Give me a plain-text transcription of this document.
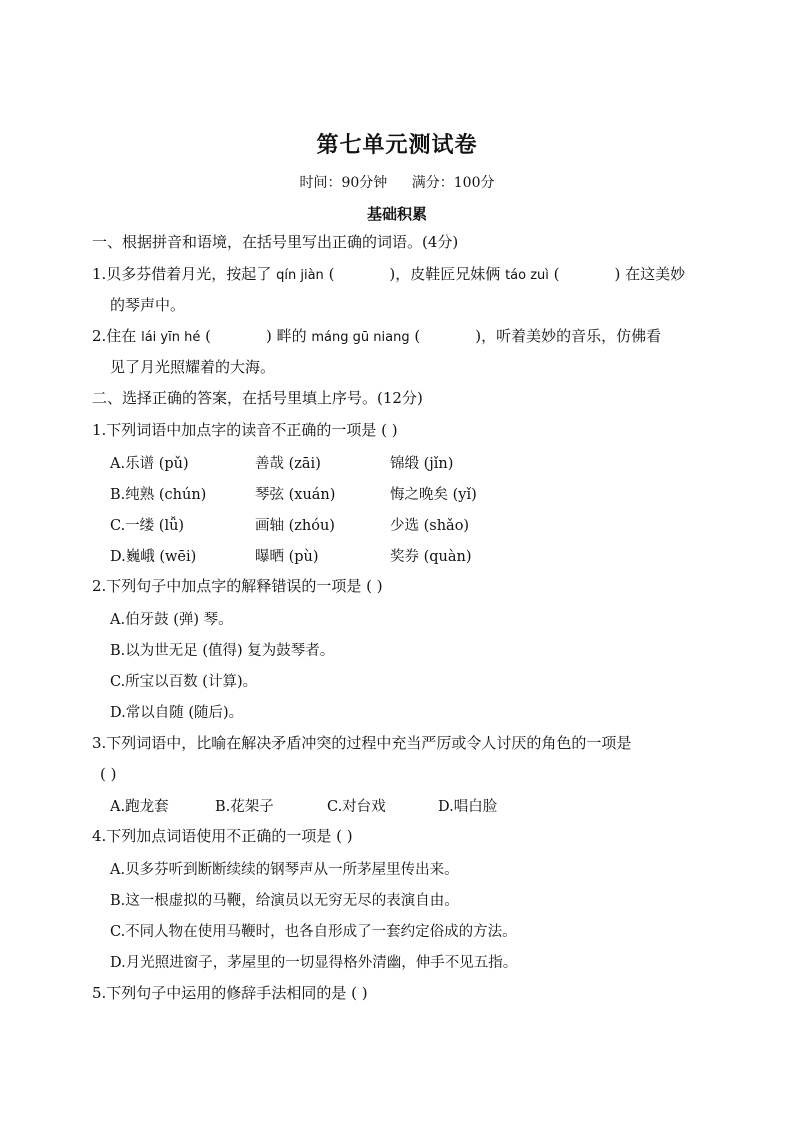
第七单元测试卷
时间：90分钟 满分：100分
基础积累
一、根据拼音和语境，在括号里写出正确的词语。(4分)
1.贝多芬借着月光，按起了 qín jiàn (	)，皮鞋匠兄妹俩 táo zuì (	) 在这美妙
的琴声中。
2.住在 lái yīn hé (	) 畔的 máng gū niang (	)，听着美妙的音乐，仿佛看
见了月光照耀着的大海。
二、选择正确的答案，在括号里填上序号。(12分)
1.下列词语中加点字的读音不正确的一项是 ( )
A.乐谱 (pǔ)	善哉 (zāi)	锦缎 (jǐn)
B.纯熟 (chún)	琴弦 (xuán)	悔之晚矣 (yǐ)
C.一缕 (lǚ)	画轴 (zhóu)	少选 (shǎo)
D.巍峨 (wēi)	曝晒 (pù)	奖券 (quàn)
2.下列句子中加点字的解释错误的一项是 ( )
A.伯牙鼓 (弹) 琴。
B.以为世无足 (值得) 复为鼓琴者。
C.所宝以百数 (计算)。
D.常以自随 (随后)。
3.下列词语中，比喻在解决矛盾冲突的过程中充当严厉或令人讨厌的角色的一项是
( )
A.跑龙套	B.花架子	C.对台戏	D.唱白脸
4.下列加点词语使用不正确的一项是 ( )
A.贝多芬听到断断续续的钢琴声从一所茅屋里传出来。
B.这一根虚拟的马鞭，给演员以无穷无尽的表演自由。
C.不同人物在使用马鞭时，也各自形成了一套约定俗成的方法。
D.月光照进窗子，茅屋里的一切显得格外清幽，伸手不见五指。
5.下列句子中运用的修辞手法相同的是 ( )
